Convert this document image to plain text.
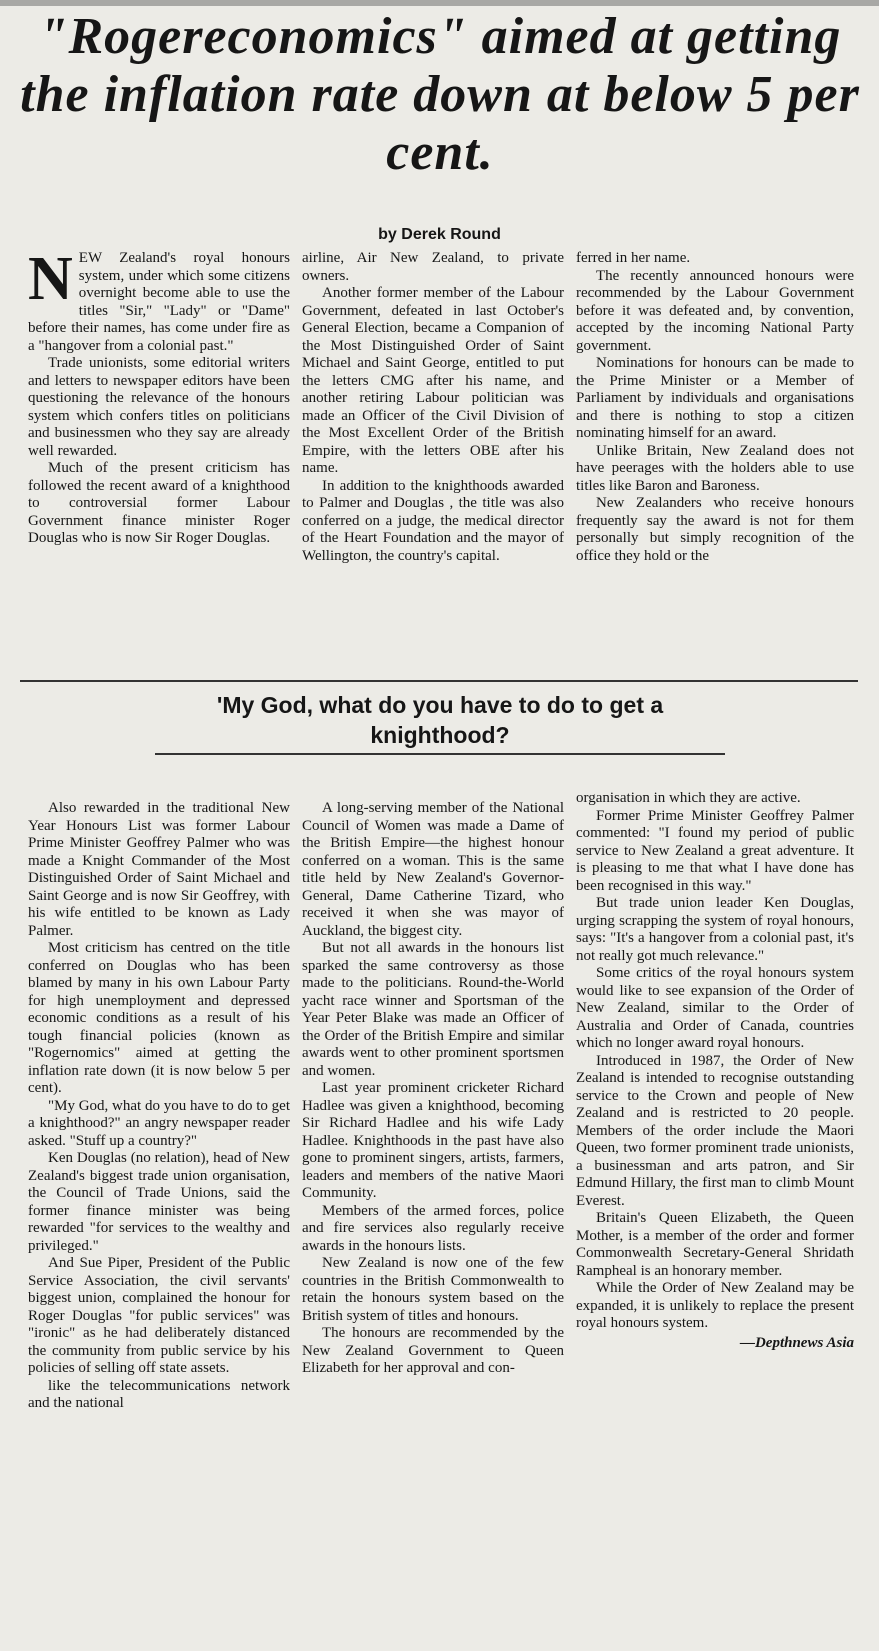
"Rogereconomics" aimed at getting the inflation rate down at below 5 per cent.
by Derek Round

NEW Zealand's royal honours system, under which some citizens overnight become able to use the titles "Sir," "Lady" or "Dame" before their names, has come under fire as a "hangover from a colonial past."

Trade unionists, some editorial writers and letters to newspaper editors have been questioning the relevance of the honours system which confers titles on politicians and businessmen who they say are already well rewarded.

Much of the present criticism has followed the recent award of a knighthood to controversial former Labour Government finance minister Roger Douglas who is now Sir Roger Douglas.

airline, Air New Zealand, to private owners.

Another former member of the Labour Government, defeated in last October's General Election, became a Companion of the Most Distinguished Order of Saint Michael and Saint George, entitled to put the letters CMG after his name, and another retiring Labour politician was made an Officer of the Civil Division of the Most Excellent Order of the British Empire, with the letters OBE after his name.

In addition to the knighthoods awarded to Palmer and Douglas , the title was also conferred on a judge, the medical director of the Heart Foundation and the mayor of Wellington, the country's capital.

ferred in her name.

The recently announced honours were recommended by the Labour Government before it was defeated and, by convention, accepted by the incoming National Party government.

Nominations for honours can be made to the Prime Minister or a Member of Parliament by individuals and organisations and there is nothing to stop a citizen nominating himself for an award.

Unlike Britain, New Zealand does not have peerages with the holders able to use titles like Baron and Baroness.

New Zealanders who receive honours frequently say the award is not for them personally but simply recognition of the office they hold or the

'My God, what do you have to do to get a knighthood?

Also rewarded in the traditional New Year Honours List was former Labour Prime Minister Geoffrey Palmer who was made a Knight Commander of the Most Distinguished Order of Saint Michael and Saint George and is now Sir Geoffrey, with his wife entitled to be known as Lady Palmer.

Most criticism has centred on the title conferred on Douglas who has been blamed by many in his own Labour Party for high unemployment and depressed economic conditions as a result of his tough financial policies (known as "Rogernomics" aimed at getting the inflation rate down (it is now below 5 per cent).

"My God, what do you have to do to get a knighthood?" an angry newspaper reader asked. "Stuff up a country?"

Ken Douglas (no relation), head of New Zealand's biggest trade union organisation, the Council of Trade Unions, said the former finance minister was being rewarded "for services to the wealthy and privileged."

And Sue Piper, President of the Public Service Association, the civil servants' biggest union, complained the honour for Roger Douglas "for public services" was "ironic" as he had deliberately distanced the community from public service by his policies of selling off state assets.

like the telecommunications network and the national

A long-serving member of the National Council of Women was made a Dame of the British Empire—the highest honour conferred on a woman. This is the same title held by New Zealand's Governor-General, Dame Catherine Tizard, who received it when she was mayor of Auckland, the biggest city.

But not all awards in the honours list sparked the same controversy as those made to the politicians. Round-the-World yacht race winner and Sportsman of the Year Peter Blake was made an Officer of the Order of the British Empire and similar awards went to other prominent sportsmen and women.

Last year prominent cricketer Richard Hadlee was given a knighthood, becoming Sir Richard Hadlee and his wife Lady Hadlee. Knighthoods in the past have also gone to prominent singers, artists, farmers, leaders and members of the native Maori Community.

Members of the armed forces, police and fire services also regularly receive awards in the honours lists.

New Zealand is now one of the few countries in the British Commonwealth to retain the honours system based on the British system of titles and honours.

The honours are recommended by the New Zealand Government to Queen Elizabeth for her approval and con-

organisation in which they are active.

Former Prime Minister Geoffrey Palmer commented: "I found my period of public service to New Zealand a great adventure. It is pleasing to me that what I have done has been recognised in this way."

But trade union leader Ken Douglas, urging scrapping the system of royal honours, says: "It's a hangover from a colonial past, it's not really got much relevance."

Some critics of the royal honours system would like to see expansion of the Order of New Zealand, similar to the Order of Australia and Order of Canada, countries which no longer award royal honours.

Introduced in 1987, the Order of New Zealand is intended to recognise outstanding service to the Crown and people of New Zealand and is restricted to 20 people. Members of the order include the Maori Queen, two former prominent trade unionists, a businessman and arts patron, and Sir Edmund Hillary, the first man to climb Mount Everest.

Britain's Queen Elizabeth, the Queen Mother, is a member of the order and former Commonwealth Secretary-General Shridath Rampheal is an honorary member.

While the Order of New Zealand may be expanded, it is unlikely to replace the present royal honours system.

—Depthnews Asia
